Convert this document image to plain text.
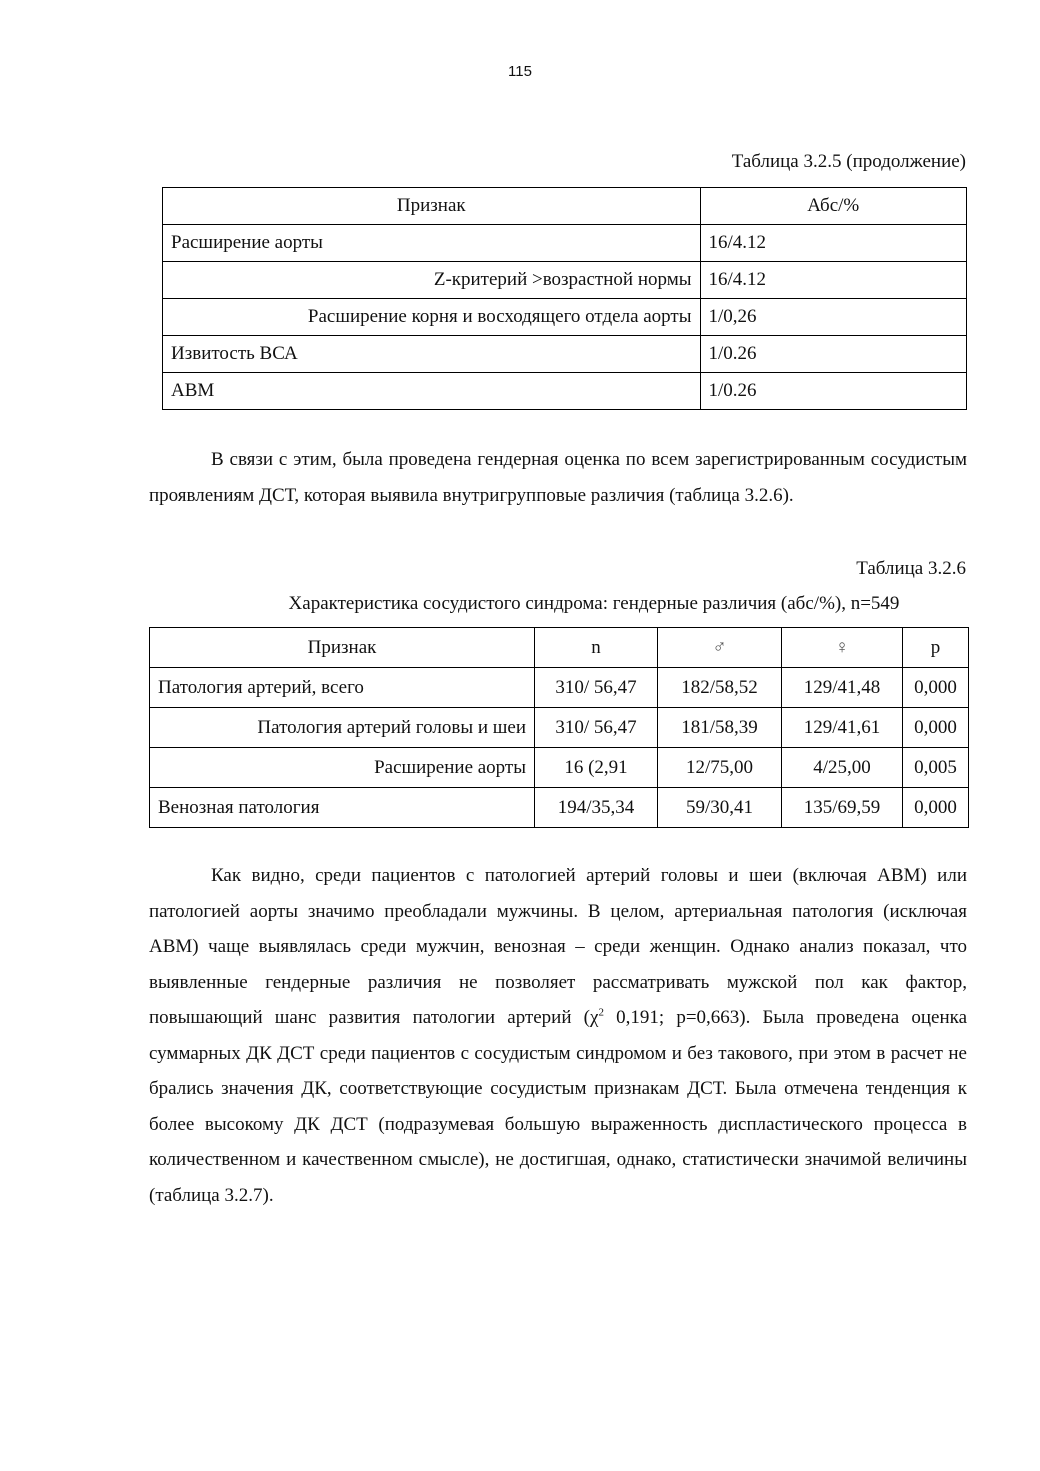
115
Таблица 3.2.5 (продолжение)
Признак	Абс/%
Расширение аорты	16/4.12
Z-критерий >возрастной нормы	16/4.12
Расширение корня и восходящего отдела аорты	1/0,26
Извитость ВСА	1/0.26
АВМ	1/0.26

В связи с этим, была проведена гендерная оценка по всем зарегистрированным сосудистым проявлениям ДСТ, которая выявила внутригрупповые различия (таблица 3.2.6).

Таблица 3.2.6
Характеристика сосудистого синдрома: гендерные различия (абс/%), n=549
Признак	n	♂	♀	p
Патология артерий, всего	310/ 56,47	182/58,52	129/41,48	0,000
Патология артерий головы и шеи	310/ 56,47	181/58,39	129/41,61	0,000
Расширение аорты	16 (2,91	12/75,00	4/25,00	0,005
Венозная патология	194/35,34	59/30,41	135/69,59	0,000

Как видно, среди пациентов с патологией артерий головы и шеи (включая АВМ) или патологией аорты значимо преобладали мужчины. В целом, артериальная патология (исключая АВМ) чаще выявлялась среди мужчин, венозная – среди женщин. Однако анализ показал, что выявленные гендерные различия не позволяет рассматривать мужской пол как фактор, повышающий шанс развития патологии артерий ($\chi^2$ 0,191; p=0,663). Была проведена оценка суммарных ДК ДСТ среди пациентов с сосудистым синдромом и без такового, при этом в расчет не брались значения ДК, соответствующие сосудистым признакам ДСТ. Была отмечена тенденция к более высокому ДК ДСТ (подразумевая большую выраженность диспластического процесса в количественном и качественном смысле), не достигшая, однако, статистически значимой величины (таблица 3.2.7).
